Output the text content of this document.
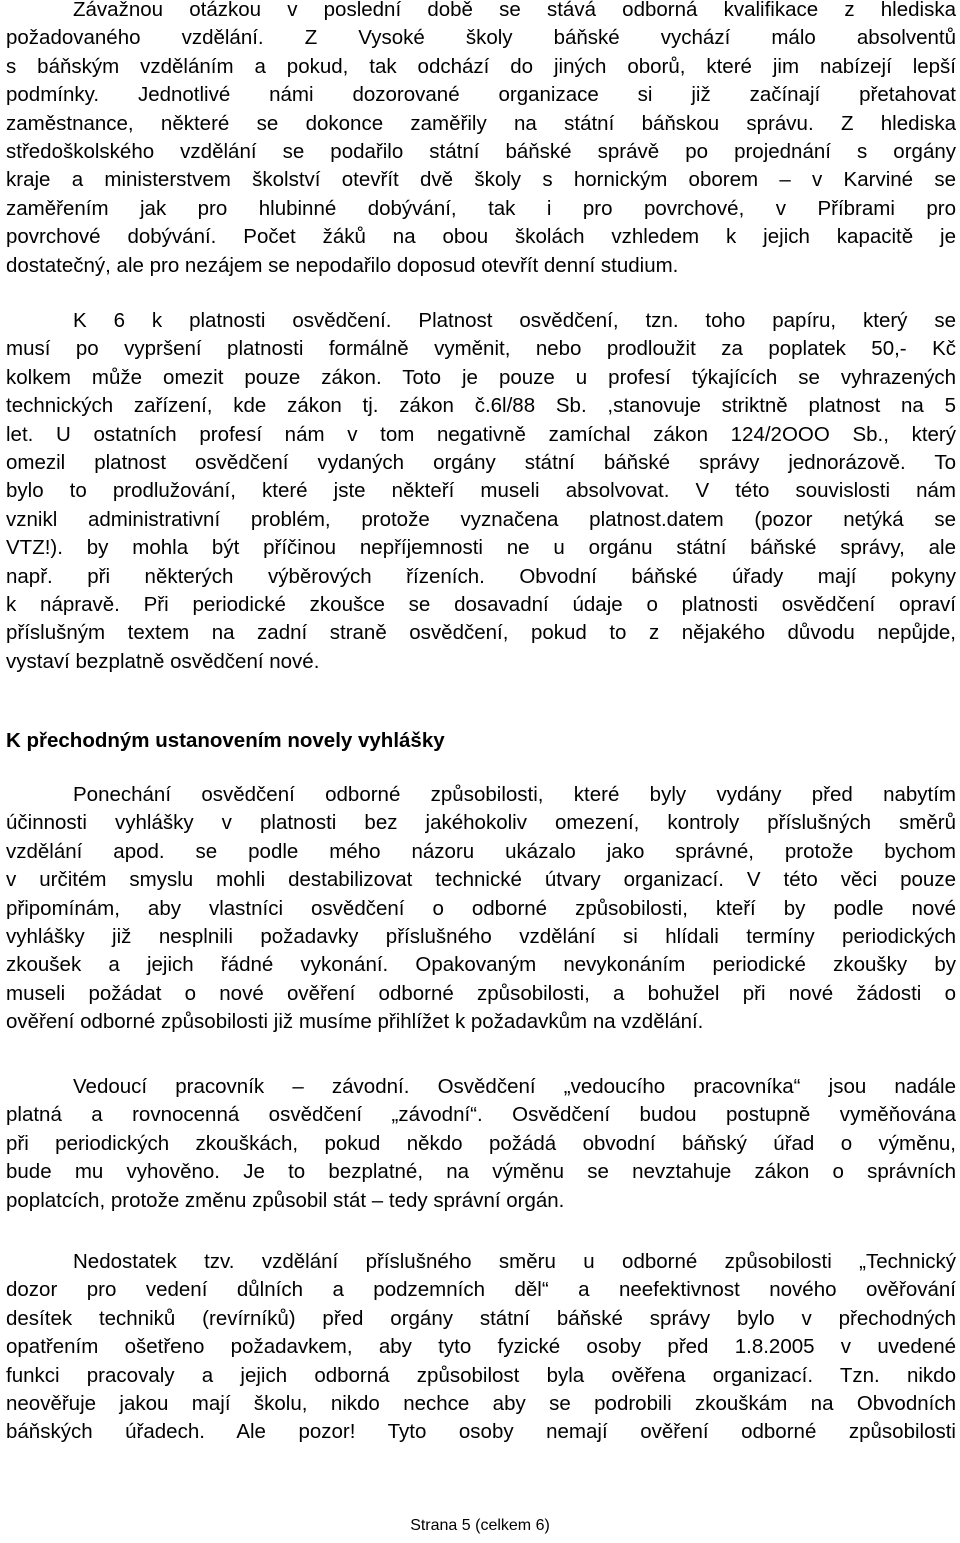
Závažnou otázkou v poslední době se stává odborná kvalifikace z hlediska
požadovaného vzdělání. Z Vysoké školy báňské vychází málo absolventů
s báňským vzděláním a pokud, tak odchází do jiných oborů, které jim nabízejí lepší
podmínky. Jednotlivé námi dozorované organizace si již začínají přetahovat
zaměstnance, některé se dokonce zaměřily na státní báňskou správu. Z hlediska
středoškolského vzdělání se podařilo státní báňské správě po projednání s orgány
kraje a ministerstvem školství otevřít dvě školy s hornickým oborem – v Karviné se
zaměřením jak pro hlubinné dobývání, tak i pro povrchové, v Příbrami pro
povrchové dobývání. Počet žáků na obou školách vzhledem k jejich kapacitě je
dostatečný, ale pro nezájem se nepodařilo doposud otevřít denní studium.
K 6 k platnosti osvědčení. Platnost osvědčení, tzn. toho papíru, který se
musí po vypršení platnosti formálně vyměnit, nebo prodloužit za poplatek 50,- Kč
kolkem může omezit pouze zákon. Toto je pouze u profesí týkajících se vyhrazených
technických zařízení, kde zákon tj. zákon č.6l/88 Sb. ,stanovuje striktně platnost na 5
let. U ostatních profesí nám v tom negativně zamíchal zákon 124/2OOO Sb., který
omezil platnost osvědčení vydaných orgány státní báňské správy jednorázově. To
bylo to prodlužování, které jste někteří museli absolvovat. V této souvislosti nám
vznikl administrativní problém, protože vyznačena platnost.datem (pozor netýká se
VTZ!). by mohla být příčinou nepříjemnosti ne u orgánu státní báňské správy, ale
např. při některých výběrových řízeních. Obvodní báňské úřady mají pokyny
k nápravě. Při periodické zkoušce se dosavadní údaje o platnosti osvědčení opraví
příslušným textem na zadní straně osvědčení, pokud to z nějakého důvodu nepůjde,
vystaví bezplatně osvědčení nové.
K přechodným ustanovením novely vyhlášky
Ponechání osvědčení odborné způsobilosti, které byly vydány před nabytím
účinnosti vyhlášky v platnosti bez jakéhokoliv omezení, kontroly příslušných směrů
vzdělání apod. se podle mého názoru ukázalo jako správné, protože bychom
v určitém smyslu mohli destabilizovat technické útvary organizací. V této věci pouze
připomínám, aby vlastníci osvědčení o odborné způsobilosti, kteří by podle nové
vyhlášky již nesplnili požadavky příslušného vzdělání si hlídali termíny periodických
zkoušek a jejich řádné vykonání. Opakovaným nevykonáním periodické zkoušky by
museli požádat o nové ověření odborné způsobilosti, a bohužel při nové žádosti o
ověření odborné způsobilosti již musíme přihlížet k požadavkům na vzdělání.
Vedoucí pracovník – závodní. Osvědčení „vedoucího pracovníka“ jsou nadále
platná a rovnocenná osvědčení „závodní“. Osvědčení budou postupně vyměňována
při periodických zkouškách, pokud někdo požádá obvodní báňský úřad o výměnu,
bude mu vyhověno. Je to bezplatné, na výměnu se nevztahuje zákon o správních
poplatcích, protože změnu způsobil stát – tedy správní orgán.
Nedostatek tzv. vzdělání příslušného směru u odborné způsobilosti „Technický
dozor pro vedení důlních a podzemních děl“ a neefektivnost nového ověřování
desítek techniků (revírníků) před orgány státní báňské správy bylo v přechodných
opatřením ošetřeno požadavkem, aby tyto fyzické osoby před 1.8.2005 v uvedené
funkci pracovaly a jejich odborná způsobilost byla ověřena organizací. Tzn. nikdo
neověřuje jakou mají školu, nikdo nechce aby se podrobili zkouškám na Obvodních
báňských úřadech. Ale pozor! Tyto osoby nemají ověření odborné způsobilosti
Strana 5 (celkem 6)
